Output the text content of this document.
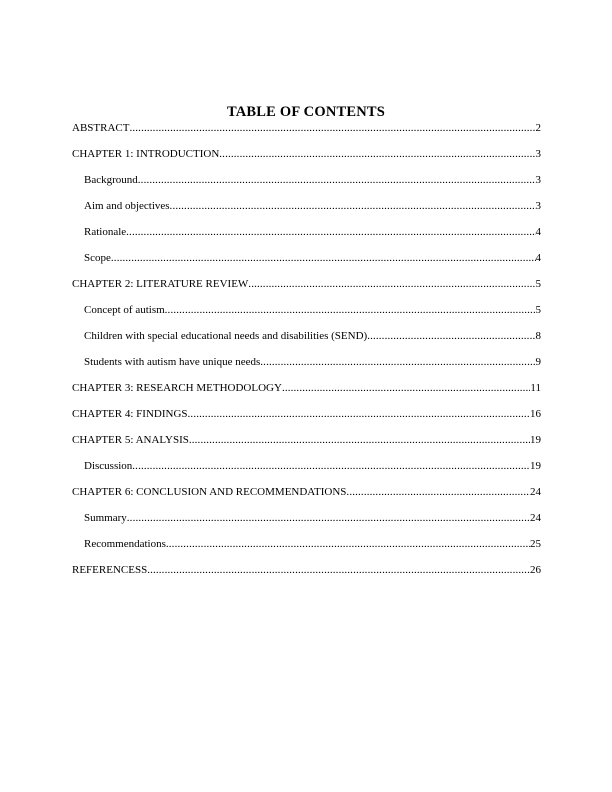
TABLE OF CONTENTS
ABSTRACT .....	2
CHAPTER 1: INTRODUCTION .....	3
Background .....	3
Aim and objectives .....	3
Rationale .....	4
Scope .....	4
CHAPTER 2: LITERATURE REVIEW .....	5
Concept of autism .....	5
Children with special educational needs and disabilities (SEND) .....	8
Students with autism have unique needs .....	9
CHAPTER 3: RESEARCH METHODOLOGY .....	11
CHAPTER 4: FINDINGS .....	16
CHAPTER 5: ANALYSIS .....	19
Discussion .....	19
CHAPTER 6: CONCLUSION AND RECOMMENDATIONS .....	24
Summary .....	24
Recommendations .....	25
REFERENCESS .....	26
